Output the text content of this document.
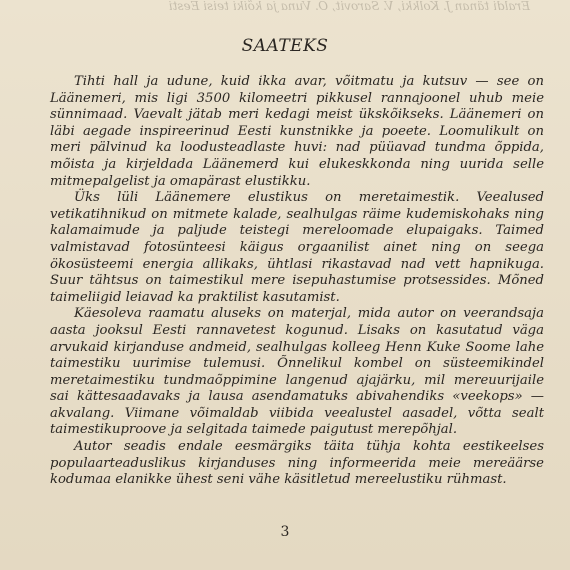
Eraldi tänan J. Kolkki, V. Sarovit, O. Vuna ja kõiki teisi Eesti
SAATEKS

Tihti hall ja udune, kuid ikka avar, võitmatu ja kutsuv — see on Läänemeri, mis ligi 3500 kilomeetri pikkusel rannajoonel uhub meie sünnimaad. Vaevalt jätab meri kedagi meist ükskõikseks. Läänemeri on läbi aegade inspireerinud Eesti kunstnikke ja poeete. Loomulikult on meri pälvinud ka loodusteadlaste huvi: nad püüavad tundma õppida, mõista ja kirjeldada Läänemerd kui elukeskkonda ning uurida selle mitmepalgelist ja omapärast elustikku.

Üks lüli Läänemere elustikus on meretaimestik. Veealused vetikatihnikud on mitmete kalade, sealhulgas räime kudemiskohaks ning kalamaimude ja paljude teistegi mereloomade elupaigaks. Taimed valmistavad fotosünteesi käigus orgaanilist ainet ning on seega ökosüsteemi energia allikaks, ühtlasi rikastavad nad vett hapnikuga. Suur tähtsus on taimestikul mere isepuhastumise protsessides. Mõned taimeliigid leiavad ka praktilist kasutamist.

Käesoleva raamatu aluseks on materjal, mida autor on veerandsaja aasta jooksul Eesti rannavetest kogunud. Lisaks on kasutatud väga arvukaid kirjanduse andmeid, sealhulgas kolleeg Henn Kuke Soome lahe taimestiku uurimise tulemusi. Õnnelikul kombel on süsteemikindel meretaimestiku tundmaõppimine langenud ajajärku, mil mereuurijaile sai kättesaadavaks ja lausa asendamatuks abivahendiks «veekops» — akvalang. Viimane võimaldab viibida veealustel aasadel, võtta sealt taimestikuproove ja selgitada taimede paigutust merepõhjal.

Autor seadis endale eesmärgiks täita tühja kohta eestikeelses populaarteaduslikus kirjanduses ning informeerida meie mereäärse kodumaa elanikke ühest seni vähe käsitletud mereelustiku rühmast.

3
